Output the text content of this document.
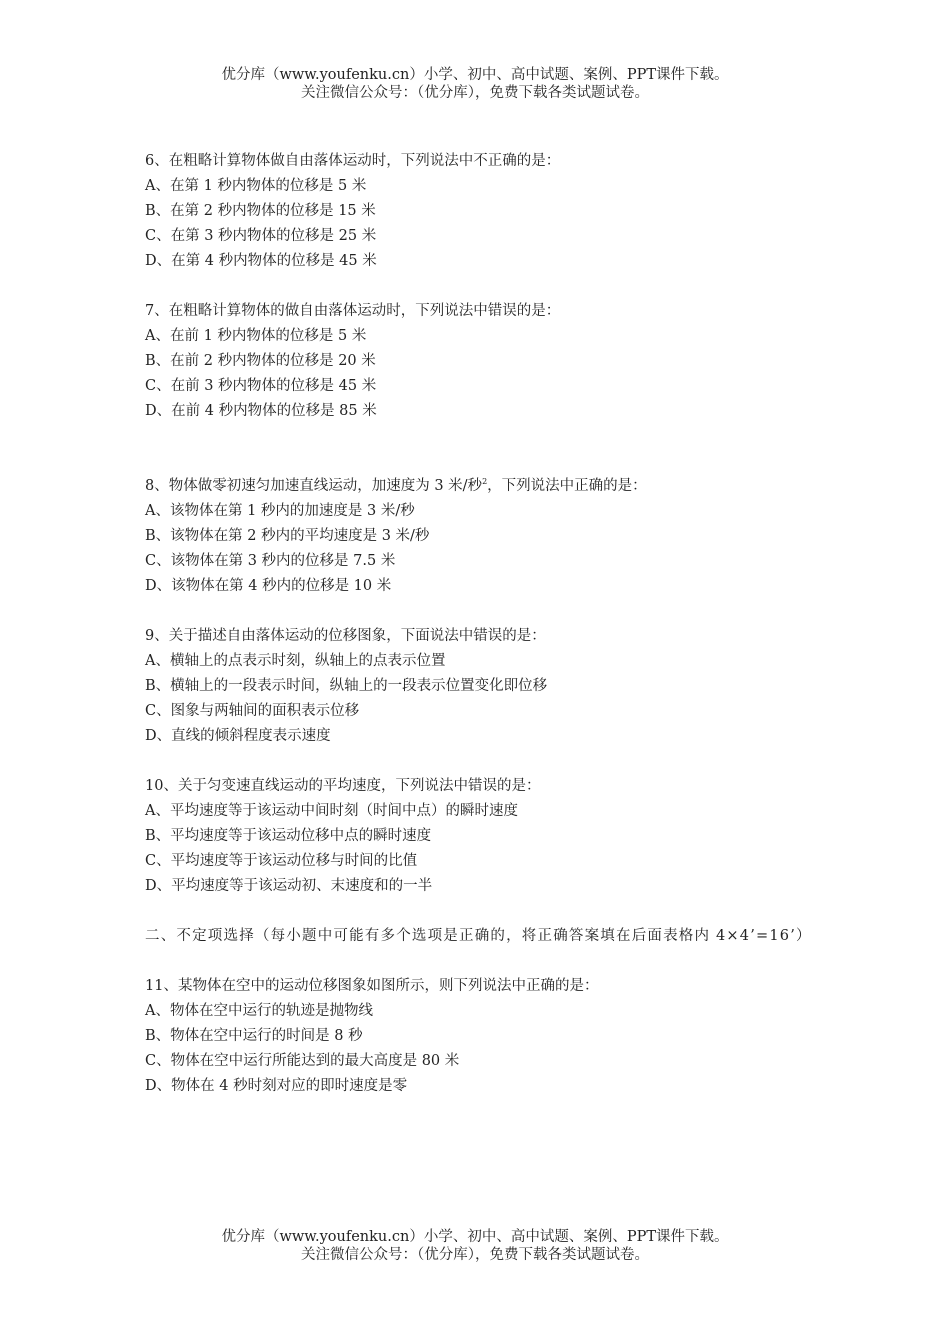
优分库（www.youfenku.cn）小学、初中、高中试题、案例、PPT课件下载。
关注微信公众号：（优分库），免费下载各类试题试卷。
6、在粗略计算物体做自由落体运动时，下列说法中不正确的是：
A、在第 1 秒内物体的位移是 5 米
B、在第 2 秒内物体的位移是 15 米
C、在第 3 秒内物体的位移是 25 米
D、在第 4 秒内物体的位移是 45 米
7、在粗略计算物体的做自由落体运动时，下列说法中错误的是：
A、在前 1 秒内物体的位移是 5 米
B、在前 2 秒内物体的位移是 20 米
C、在前 3 秒内物体的位移是 45 米
D、在前 4 秒内物体的位移是 85 米
8、物体做零初速匀加速直线运动，加速度为 3 米/秒$^2$，下列说法中正确的是：
A、该物体在第 1 秒内的加速度是 3 米/秒
B、该物体在第 2 秒内的平均速度是 3 米/秒
C、该物体在第 3 秒内的位移是 7.5 米
D、该物体在第 4 秒内的位移是 10 米
9、关于描述自由落体运动的位移图象，下面说法中错误的是：
A、横轴上的点表示时刻，纵轴上的点表示位置
B、横轴上的一段表示时间，纵轴上的一段表示位置变化即位移
C、图象与两轴间的面积表示位移
D、直线的倾斜程度表示速度
10、关于匀变速直线运动的平均速度，下列说法中错误的是：
A、平均速度等于该运动中间时刻（时间中点）的瞬时速度
B、平均速度等于该运动位移中点的瞬时速度
C、平均速度等于该运动位移与时间的比值
D、平均速度等于该运动初、末速度和的一半
二、不定项选择（每小题中可能有多个选项是正确的，将正确答案填在后面表格内 4×4’=16’）
11、某物体在空中的运动位移图象如图所示，则下列说法中正确的是：
A、物体在空中运行的轨迹是抛物线
B、物体在空中运行的时间是 8 秒
C、物体在空中运行所能达到的最大高度是 80 米
D、物体在 4 秒时刻对应的即时速度是零
优分库（www.youfenku.cn）小学、初中、高中试题、案例、PPT课件下载。
关注微信公众号：（优分库），免费下载各类试题试卷。
